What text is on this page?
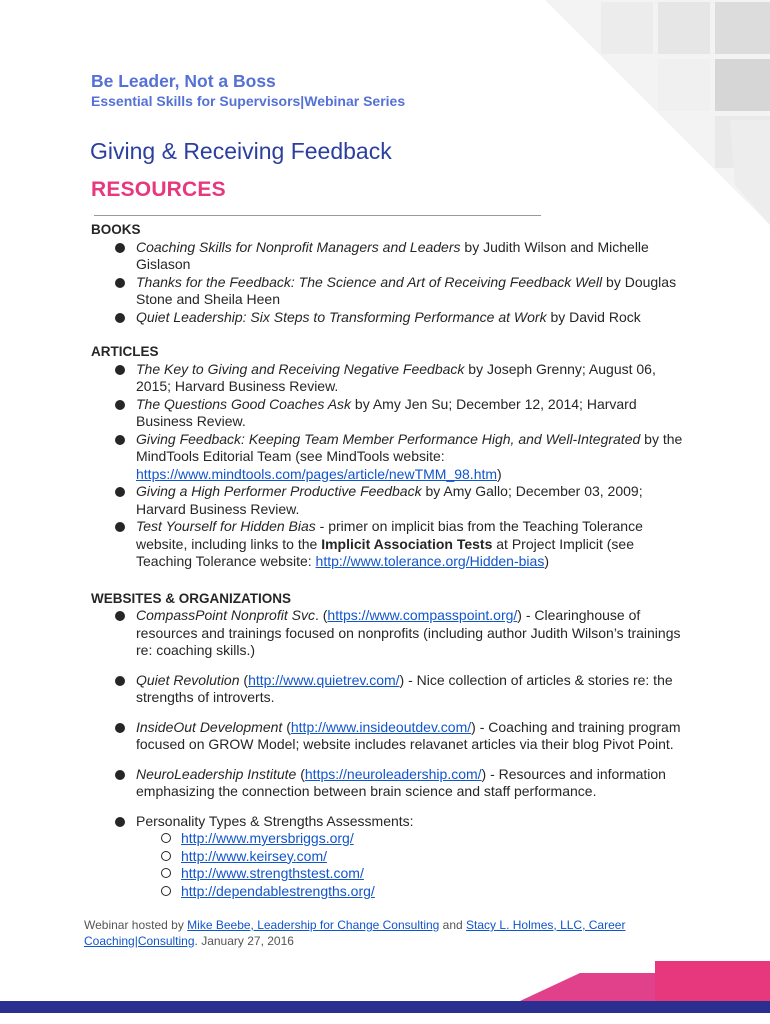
Be Leader, Not a Boss
Essential Skills for Supervisors|Webinar Series
Giving & Receiving Feedback
RESOURCES
BOOKS
Coaching Skills for Nonprofit Managers and Leaders by Judith Wilson and Michelle Gislason
Thanks for the Feedback: The Science and Art of Receiving Feedback Well by Douglas Stone and Sheila Heen
Quiet Leadership: Six Steps to Transforming Performance at Work by David Rock
ARTICLES
The Key to Giving and Receiving Negative Feedback by Joseph Grenny; August 06, 2015; Harvard Business Review.
The Questions Good Coaches Ask by Amy Jen Su; December 12, 2014; Harvard Business Review.
Giving Feedback: Keeping Team Member Performance High, and Well-Integrated by the MindTools Editorial Team (see MindTools website: https://www.mindtools.com/pages/article/newTMM_98.htm)
Giving a High Performer Productive Feedback by Amy Gallo; December 03, 2009; Harvard Business Review.
Test Yourself for Hidden Bias - primer on implicit bias from the Teaching Tolerance website, including links to the Implicit Association Tests at Project Implicit (see Teaching Tolerance website: http://www.tolerance.org/Hidden-bias)
WEBSITES & ORGANIZATIONS
CompassPoint Nonprofit Svc. (https://www.compasspoint.org/) - Clearinghouse of resources and trainings focused on nonprofits (including author Judith Wilson’s trainings re: coaching skills.)
Quiet Revolution (http://www.quietrev.com/) - Nice collection of articles & stories re: the strengths of introverts.
InsideOut Development (http://www.insideoutdev.com/) - Coaching and training program focused on GROW Model; website includes relavanet articles via their blog Pivot Point.
NeuroLeadership Institute (https://neuroleadership.com/) - Resources and information emphasizing the connection between brain science and staff performance.
Personality Types & Strengths Assessments:
http://www.myersbriggs.org/
http://www.keirsey.com/
http://www.strengthstest.com/
http://dependablestrengths.org/
Webinar hosted by Mike Beebe, Leadership for Change Consulting and Stacy L. Holmes, LLC, Career Coaching|Consulting. January 27, 2016
